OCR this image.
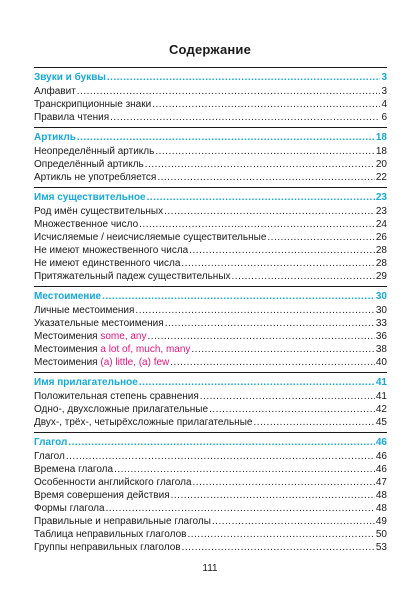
Содержание
Звуки и буквы .....	3
Алфавит .....	3
Транскрипционные знаки .....	4
Правила чтения .....	6
Артикль .....	18
Неопределённый артикль .....	18
Определённый артикль .....	20
Артикль не употребляется .....	22
Имя существительное .....	23
Род имён существительных .....	23
Множественное число .....	24
Исчисляемые / неисчисляемые существительные .....	26
Не имеют множественного числа .....	28
Не имеют единственного числа .....	28
Притяжательный падеж существительных .....	29
Местоимение .....	30
Личные местоимения .....	30
Указательные местоимения .....	33
Местоимения some, any .....	36
Местоимения a lot of, much, many .....	38
Местоимения (a) little, (a) few .....	40
Имя прилагательное .....	41
Положительная степень сравнения .....	41
Одно-, двухсложные прилагательные .....	42
Двух-, трёх-, четырёхсложные прилагательные .....	45
Глагол .....	46
Глагол .....	46
Времена глагола .....	46
Особенности английского глагола .....	47
Время совершения действия .....	48
Формы глагола .....	48
Правильные и неправильные глаголы .....	49
Таблица неправильных глаголов .....	50
Группы неправильных глаголов .....	53
111
